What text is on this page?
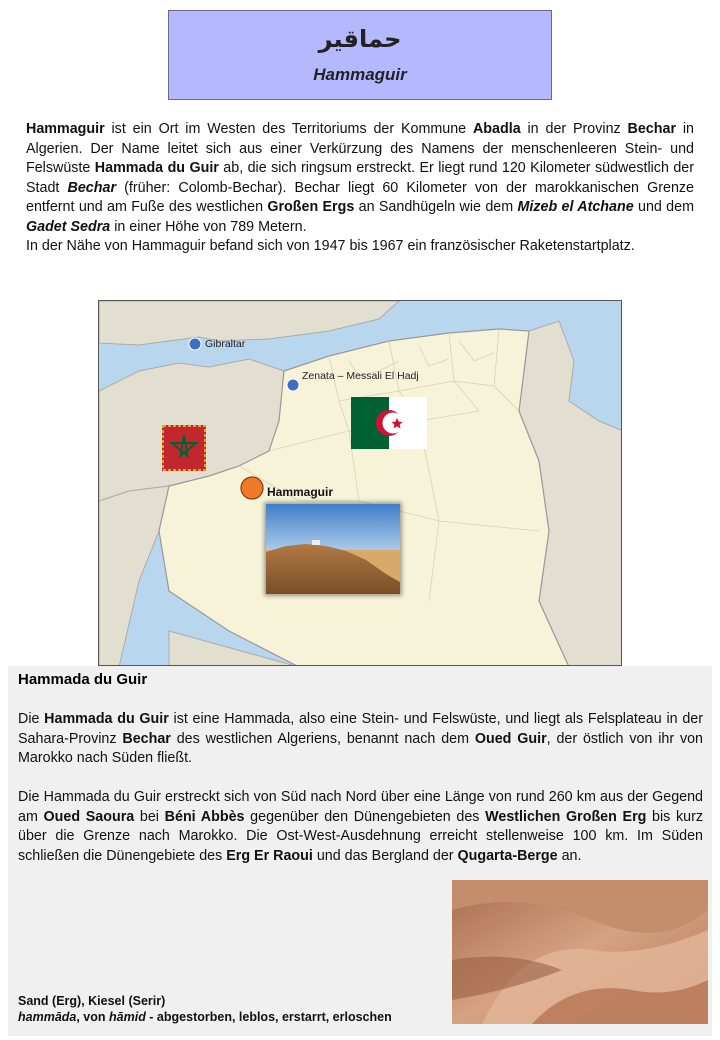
حماقير
Hammaguir

Hammaguir ist ein Ort im Westen des Territoriums der Kommune Abadla in der Provinz Bechar in Algerien. Der Name leitet sich aus einer Verkürzung des Namens der menschenleeren Stein- und Felswüste Hammada du Guir ab, die sich ringsum erstreckt. Er liegt rund 120 Kilometer südwestlich der Stadt Bechar (früher: Colomb-Bechar). Bechar liegt 60 Kilometer von der marokkanischen Grenze entfernt und am Fuße des westlichen Großen Ergs an Sandhügeln wie dem Mizeb el Atchane und dem Gadet Sedra in einer Höhe von 789 Metern.

In der Nähe von Hammaguir befand sich von 1947 bis 1967 ein französischer Raketenstartplatz.

Gibraltar
Zenata – Messali El Hadj
Hammaguir
Hammada du Guir

Die Hammada du Guir ist eine Hammada, also eine Stein- und Felswüste, und liegt als Felsplateau in der Sahara-Provinz Bechar des westlichen Algeriens, benannt nach dem Oued Guir, der östlich von ihr von Marokko nach Süden fließt.

Die Hammada du Guir erstreckt sich von Süd nach Nord über eine Länge von rund 260 km aus der Gegend am Oued Saoura bei Béni Abbès gegenüber den Dünengebieten des Westlichen Großen Erg bis kurz über die Grenze nach Marokko. Die Ost-West-Ausdehnung erreicht stellenweise 100 km. Im Süden schließen die Dünengebiete des Erg Er Raoui und das Bergland der Qugarta-Berge an.

Sand (Erg), Kiesel (Serir)
hammāda, von hāmid - abgestorben, leblos, erstarrt, erloschen
